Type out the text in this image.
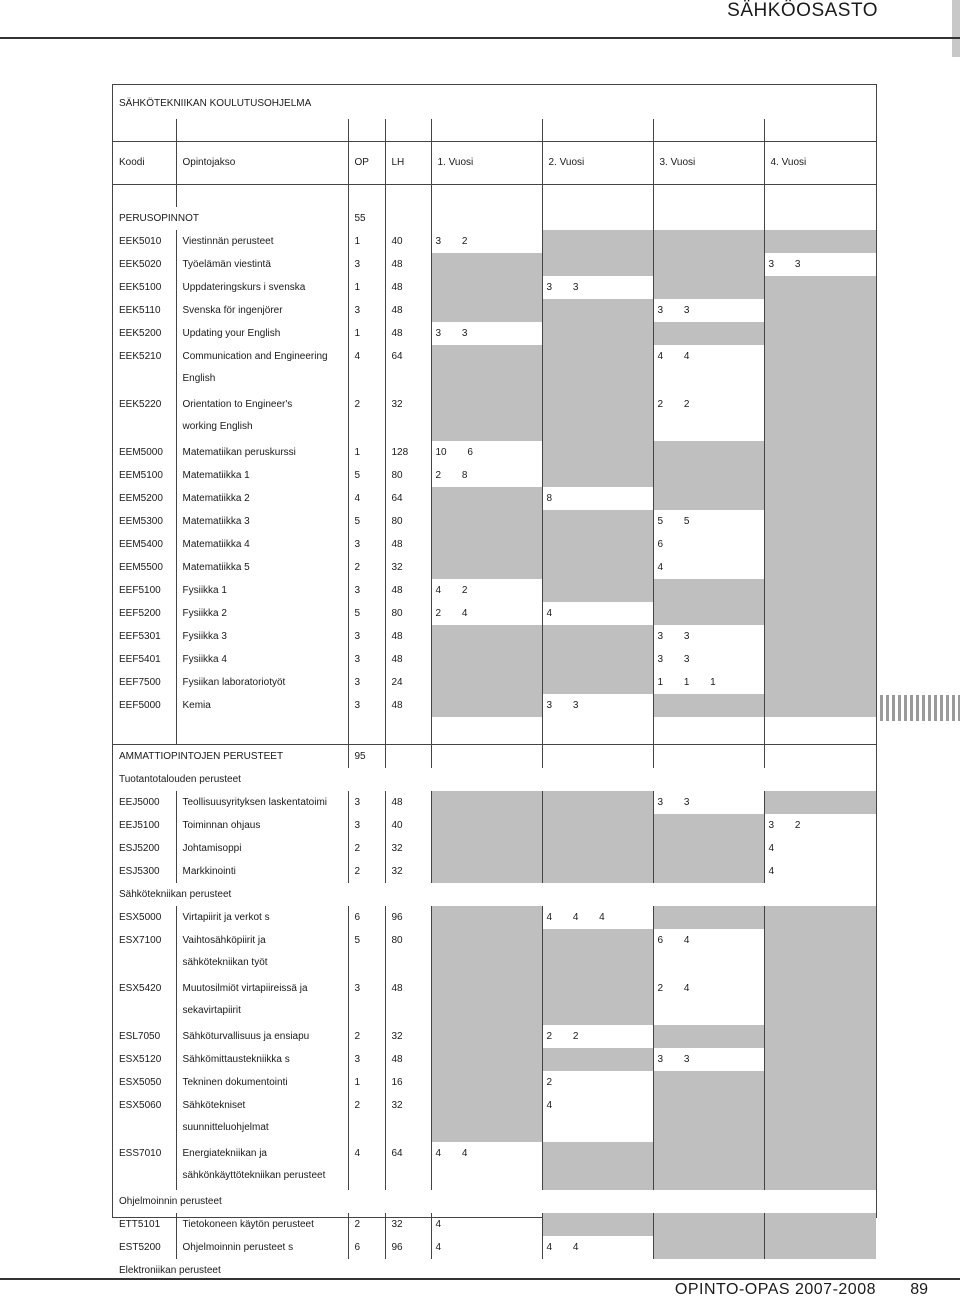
SÄHKÖOSASTO
SÄHKÖTEKNIIKAN KOULUTUSOHJELMA							

Koodi	Opintojakso	OP	LH	1. Vuosi	2. Vuosi	3. Vuosi	4. Vuosi

PERUSOPINNOT		55					
EEK5010	Viestinnän perusteet	1	40	3 2			
EEK5020	Työelämän viestintä	3	48				3 3
EEK5100	Uppdateringskurs i svenska	1	48		3 3		
EEK5110	Svenska för ingenjörer	3	48			3 3	
EEK5200	Updating your English	1	48	3 3			
EEK5210	Communication and Engineering
English	4	64			4 4	
EEK5220	Orientation to Engineer's
working English	2	32			2 2	
EEM5000	Matematiikan peruskurssi	1	128	10 6			
EEM5100	Matematiikka 1	5	80	2 8			
EEM5200	Matematiikka 2	4	64		8		
EEM5300	Matematiikka 3	5	80			5 5	
EEM5400	Matematiikka 4	3	48			6	
EEM5500	Matematiikka 5	2	32			4	
EEF5100	Fysiikka 1	3	48	4 2			
EEF5200	Fysiikka 2	5	80	2 4	4		
EEF5301	Fysiikka 3	3	48			3 3	
EEF5401	Fysiikka 4	3	48			3 3	
EEF7500	Fysiikan laboratoriotyöt	3	24			1 1 1	
EEF5000	Kemia	3	48		3 3		

AMMATTIOPINTOJEN PERUSTEET		95					
Tuotantotalouden perusteet							
EEJ5000	Teollisuusyrityksen laskentatoimi	3	48			3 3	
EEJ5100	Toiminnan ohjaus	3	40				3 2
ESJ5200	Johtamisoppi	2	32				4
ESJ5300	Markkinointi	2	32				4
Sähkötekniikan perusteet							
ESX5000	Virtapiirit ja verkot s	6	96		4 4 4		
ESX7100	Vaihtosähköpiirit ja
sähkötekniikan työt	5	80			6 4	
ESX5420	Muutosilmiöt virtapiireissä ja
sekavirtapiirit	3	48			2 4	
ESL7050	Sähköturvallisuus ja ensiapu	2	32		2 2		
ESX5120	Sähkömittaustekniikka s	3	48			3 3	
ESX5050	Tekninen dokumentointi	1	16		2		
ESX5060	Sähkötekniset
suunnitteluohjelmat	2	32		4		
ESS7010	Energiatekniikan ja
sähkönkäyttötekniikan perusteet	4	64	4 4			
Ohjelmoinnin perusteet							
ETT5101	Tietokoneen käytön perusteet	2	32	4			
EST5200	Ohjelmoinnin perusteet s	6	96	4	4 4		
Elektroniikan perusteet							
OPINTO-OPAS 2007-2008 89
